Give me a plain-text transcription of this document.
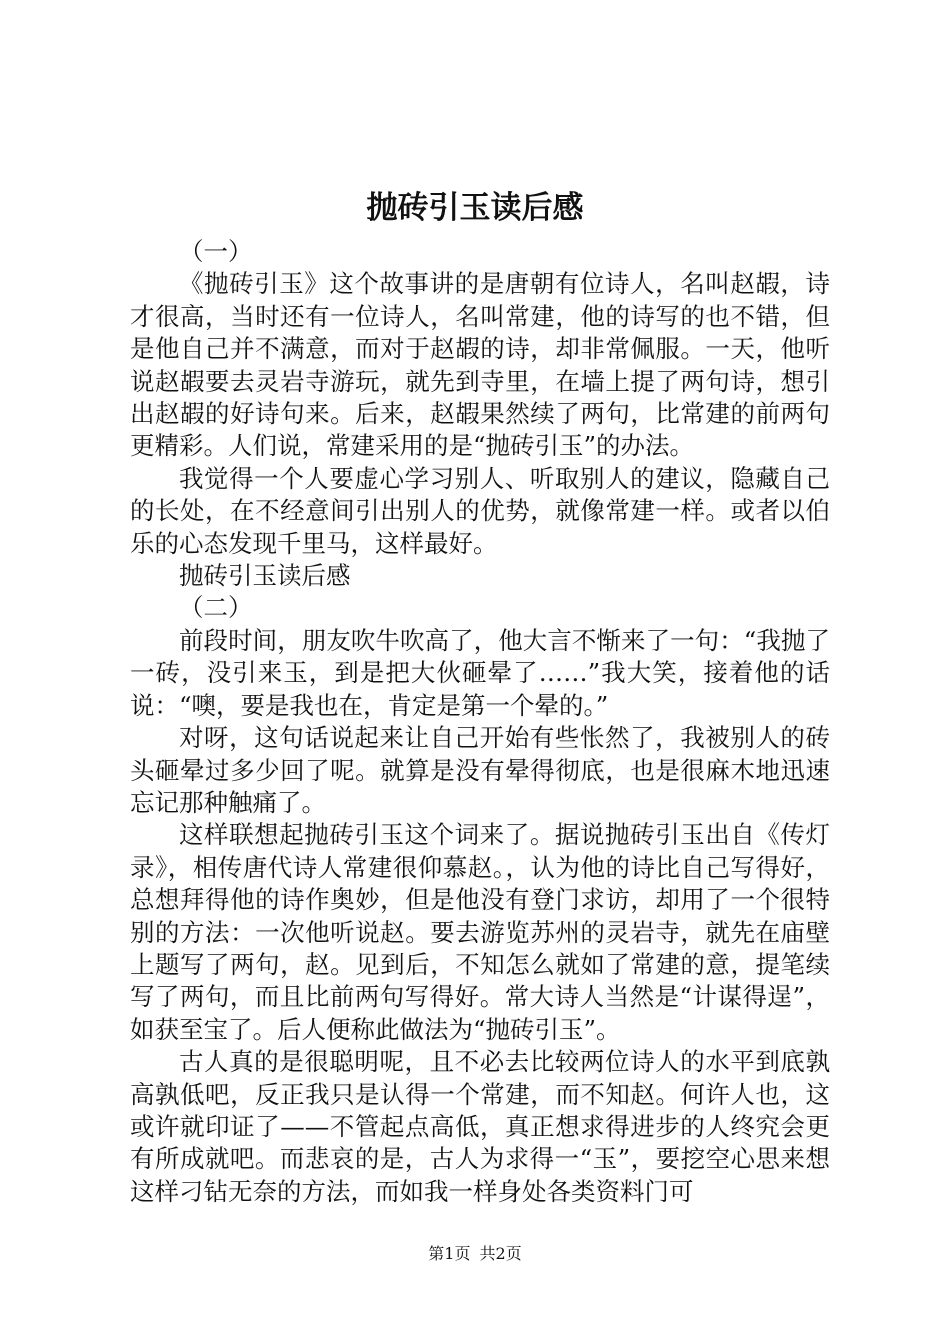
抛砖引玉读后感

（一）

《抛砖引玉》这个故事讲的是唐朝有位诗人，名叫赵嘏，诗才很高，当时还有一位诗人，名叫常建，他的诗写的也不错，但是他自己并不满意，而对于赵嘏的诗，却非常佩服。一天，他听说赵嘏要去灵岩寺游玩，就先到寺里，在墙上提了两句诗，想引出赵嘏的好诗句来。后来，赵嘏果然续了两句，比常建的前两句更精彩。人们说，常建采用的是“抛砖引玉”的办法。

我觉得一个人要虚心学习别人、听取别人的建议，隐藏自己的长处，在不经意间引出别人的优势，就像常建一样。或者以伯乐的心态发现千里马，这样最好。

抛砖引玉读后感

（二）

前段时间，朋友吹牛吹高了，他大言不惭来了一句：“我抛了一砖，没引来玉，到是把大伙砸晕了……”我大笑，接着他的话说：“噢，要是我也在，肯定是第一个晕的。”

对呀，这句话说起来让自己开始有些怅然了，我被别人的砖头砸晕过多少回了呢。就算是没有晕得彻底，也是很麻木地迅速忘记那种触痛了。

这样联想起抛砖引玉这个词来了。据说抛砖引玉出自《传灯录》，相传唐代诗人常建很仰慕赵。，认为他的诗比自己写得好，总想拜得他的诗作奥妙，但是他没有登门求访，却用了一个很特别的方法：一次他听说赵。要去游览苏州的灵岩寺，就先在庙壁上题写了两句，赵。见到后，不知怎么就如了常建的意，提笔续写了两句，而且比前两句写得好。常大诗人当然是“计谋得逞”，如获至宝了。后人便称此做法为“抛砖引玉”。

古人真的是很聪明呢，且不必去比较两位诗人的水平到底孰高孰低吧，反正我只是认得一个常建，而不知赵。何许人也，这或许就印证了——不管起点高低，真正想求得进步的人终究会更有所成就吧。而悲哀的是，古人为求得一“玉”，要挖空心思来想这样刁钻无奈的方法，而如我一样身处各类资料门可

第1页 共2页
